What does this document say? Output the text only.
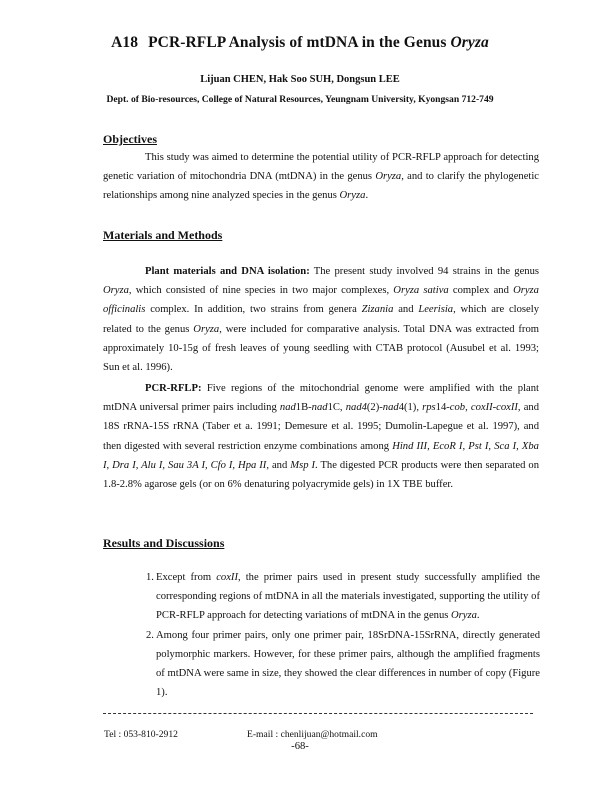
A18 PCR-RFLP Analysis of mtDNA in the Genus Oryza
Lijuan CHEN, Hak Soo SUH, Dongsun LEE
Dept. of Bio-resources, College of Natural Resources, Yeungnam University, Kyongsan 712-749
Objectives

This study was aimed to determine the potential utility of PCR-RFLP approach for detecting genetic variation of mitochondria DNA (mtDNA) in the genus Oryza, and to clarify the phylogenetic relationships among nine analyzed species in the genus Oryza.

Materials and Methods

Plant materials and DNA isolation: The present study involved 94 strains in the genus Oryza, which consisted of nine species in two major complexes, Oryza sativa complex and Oryza officinalis complex. In addition, two strains from genera Zizania and Leerisia, which are closely related to the genus Oryza, were included for comparative analysis. Total DNA was extracted from approximately 10-15g of fresh leaves of young seedling with CTAB protocol (Ausubel et al. 1993; Sun et al. 1996).

PCR-RFLP: Five regions of the mitochondrial genome were amplified with the plant mtDNA universal primer pairs including nad1B-nad1C, nad4(2)-nad4(1), rps14-cob, coxII-coxII, and 18S rRNA-15S rRNA (Taber et a. 1991; Demesure et al. 1995; Dumolin-Lapegue et al. 1997), and then digested with several restriction enzyme combinations among Hind III, EcoR I, Pst I, Sca I, Xba I, Dra I, Alu I, Sau 3A I, Cfo I, Hpa II, and Msp I. The digested PCR products were then separated on 1.8-2.8% agarose gels (or on 6% denaturing polyacrymide gels) in 1X TBE buffer.

Results and Discussions
1. Except from coxII, the primer pairs used in present study successfully amplified the corresponding regions of mtDNA in all the materials investigated, supporting the utility of PCR-RFLP approach for detecting variations of mtDNA in the genus Oryza.
2. Among four primer pairs, only one primer pair, 18SrDNA-15SrRNA, directly generated polymorphic markers. However, for these primer pairs, although the amplified fragments of mtDNA were same in size, they showed the clear differences in number of copy (Figure 1).
Tel : 053-810-2912	E-mail : chenlijuan@hotmail.com
-68-
